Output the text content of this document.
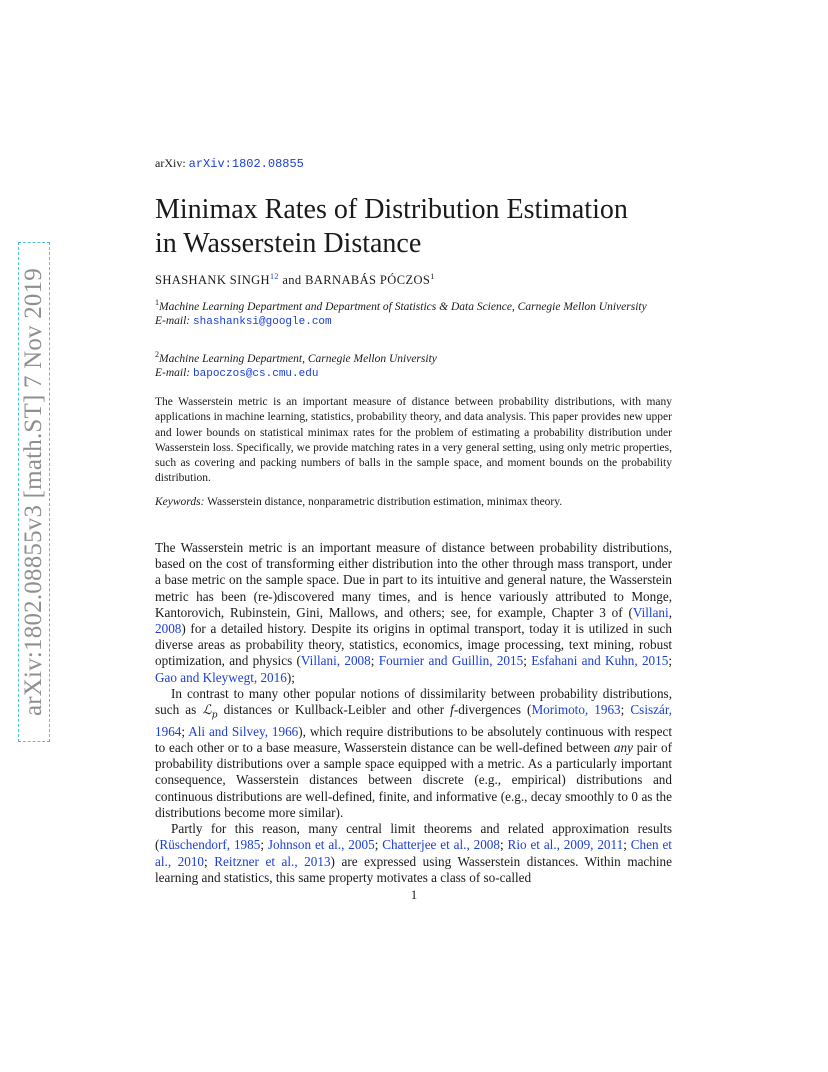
arXiv:1802.08855v3 [math.ST] 7 Nov 2019
arXiv: arXiv:1802.08855
Minimax Rates of Distribution Estimation
in Wasserstein Distance
SHASHANK SINGH$^{12}$ and BARNABÁS PÓCZOS$^1$
$^1$Machine Learning Department and Department of Statistics & Data Science, Carnegie Mellon University
E-mail: shashanksi@google.com
$^2$Machine Learning Department, Carnegie Mellon University
E-mail: bapoczos@cs.cmu.edu
The Wasserstein metric is an important measure of distance between probability distributions, with many applications in machine learning, statistics, probability theory, and data analysis. This paper provides new upper and lower bounds on statistical minimax rates for the problem of estimating a probability distribution under Wasserstein loss. Specifically, we provide matching rates in a very general setting, using only metric properties, such as covering and packing numbers of balls in the sample space, and moment bounds on the probability distribution.
Keywords: Wasserstein distance, nonparametric distribution estimation, minimax theory.

The Wasserstein metric is an important measure of distance between probability distributions, based on the cost of transforming either distribution into the other through mass transport, under a base metric on the sample space. Due in part to its intuitive and general nature, the Wasserstein metric has been (re-)discovered many times, and is hence variously attributed to Monge, Kantorovich, Rubinstein, Gini, Mallows, and others; see, for example, Chapter 3 of (Villani, 2008) for a detailed history. Despite its origins in optimal transport, today it is utilized in such diverse areas as probability theory, statistics, economics, image processing, text mining, robust optimization, and physics (Villani, 2008; Fournier and Guillin, 2015; Esfahani and Kuhn, 2015; Gao and Kleywegt, 2016);

In contrast to many other popular notions of dissimilarity between probability distributions, such as ℒ$_p$ distances or Kullback-Leibler and other f-divergences (Morimoto, 1963; Csiszár, 1964; Ali and Silvey, 1966), which require distributions to be absolutely continuous with respect to each other or to a base measure, Wasserstein distance can be well-defined between any pair of probability distributions over a sample space equipped with a metric. As a particularly important consequence, Wasserstein distances between discrete (e.g., empirical) distributions and continuous distributions are well-defined, finite, and informative (e.g., decay smoothly to 0 as the distributions become more similar).

Partly for this reason, many central limit theorems and related approximation results (Rüschendorf, 1985; Johnson et al., 2005; Chatterjee et al., 2008; Rio et al., 2009, 2011; Chen et al., 2010; Reitzner et al., 2013) are expressed using Wasserstein distances. Within machine learning and statistics, this same property motivates a class of so-called

1
